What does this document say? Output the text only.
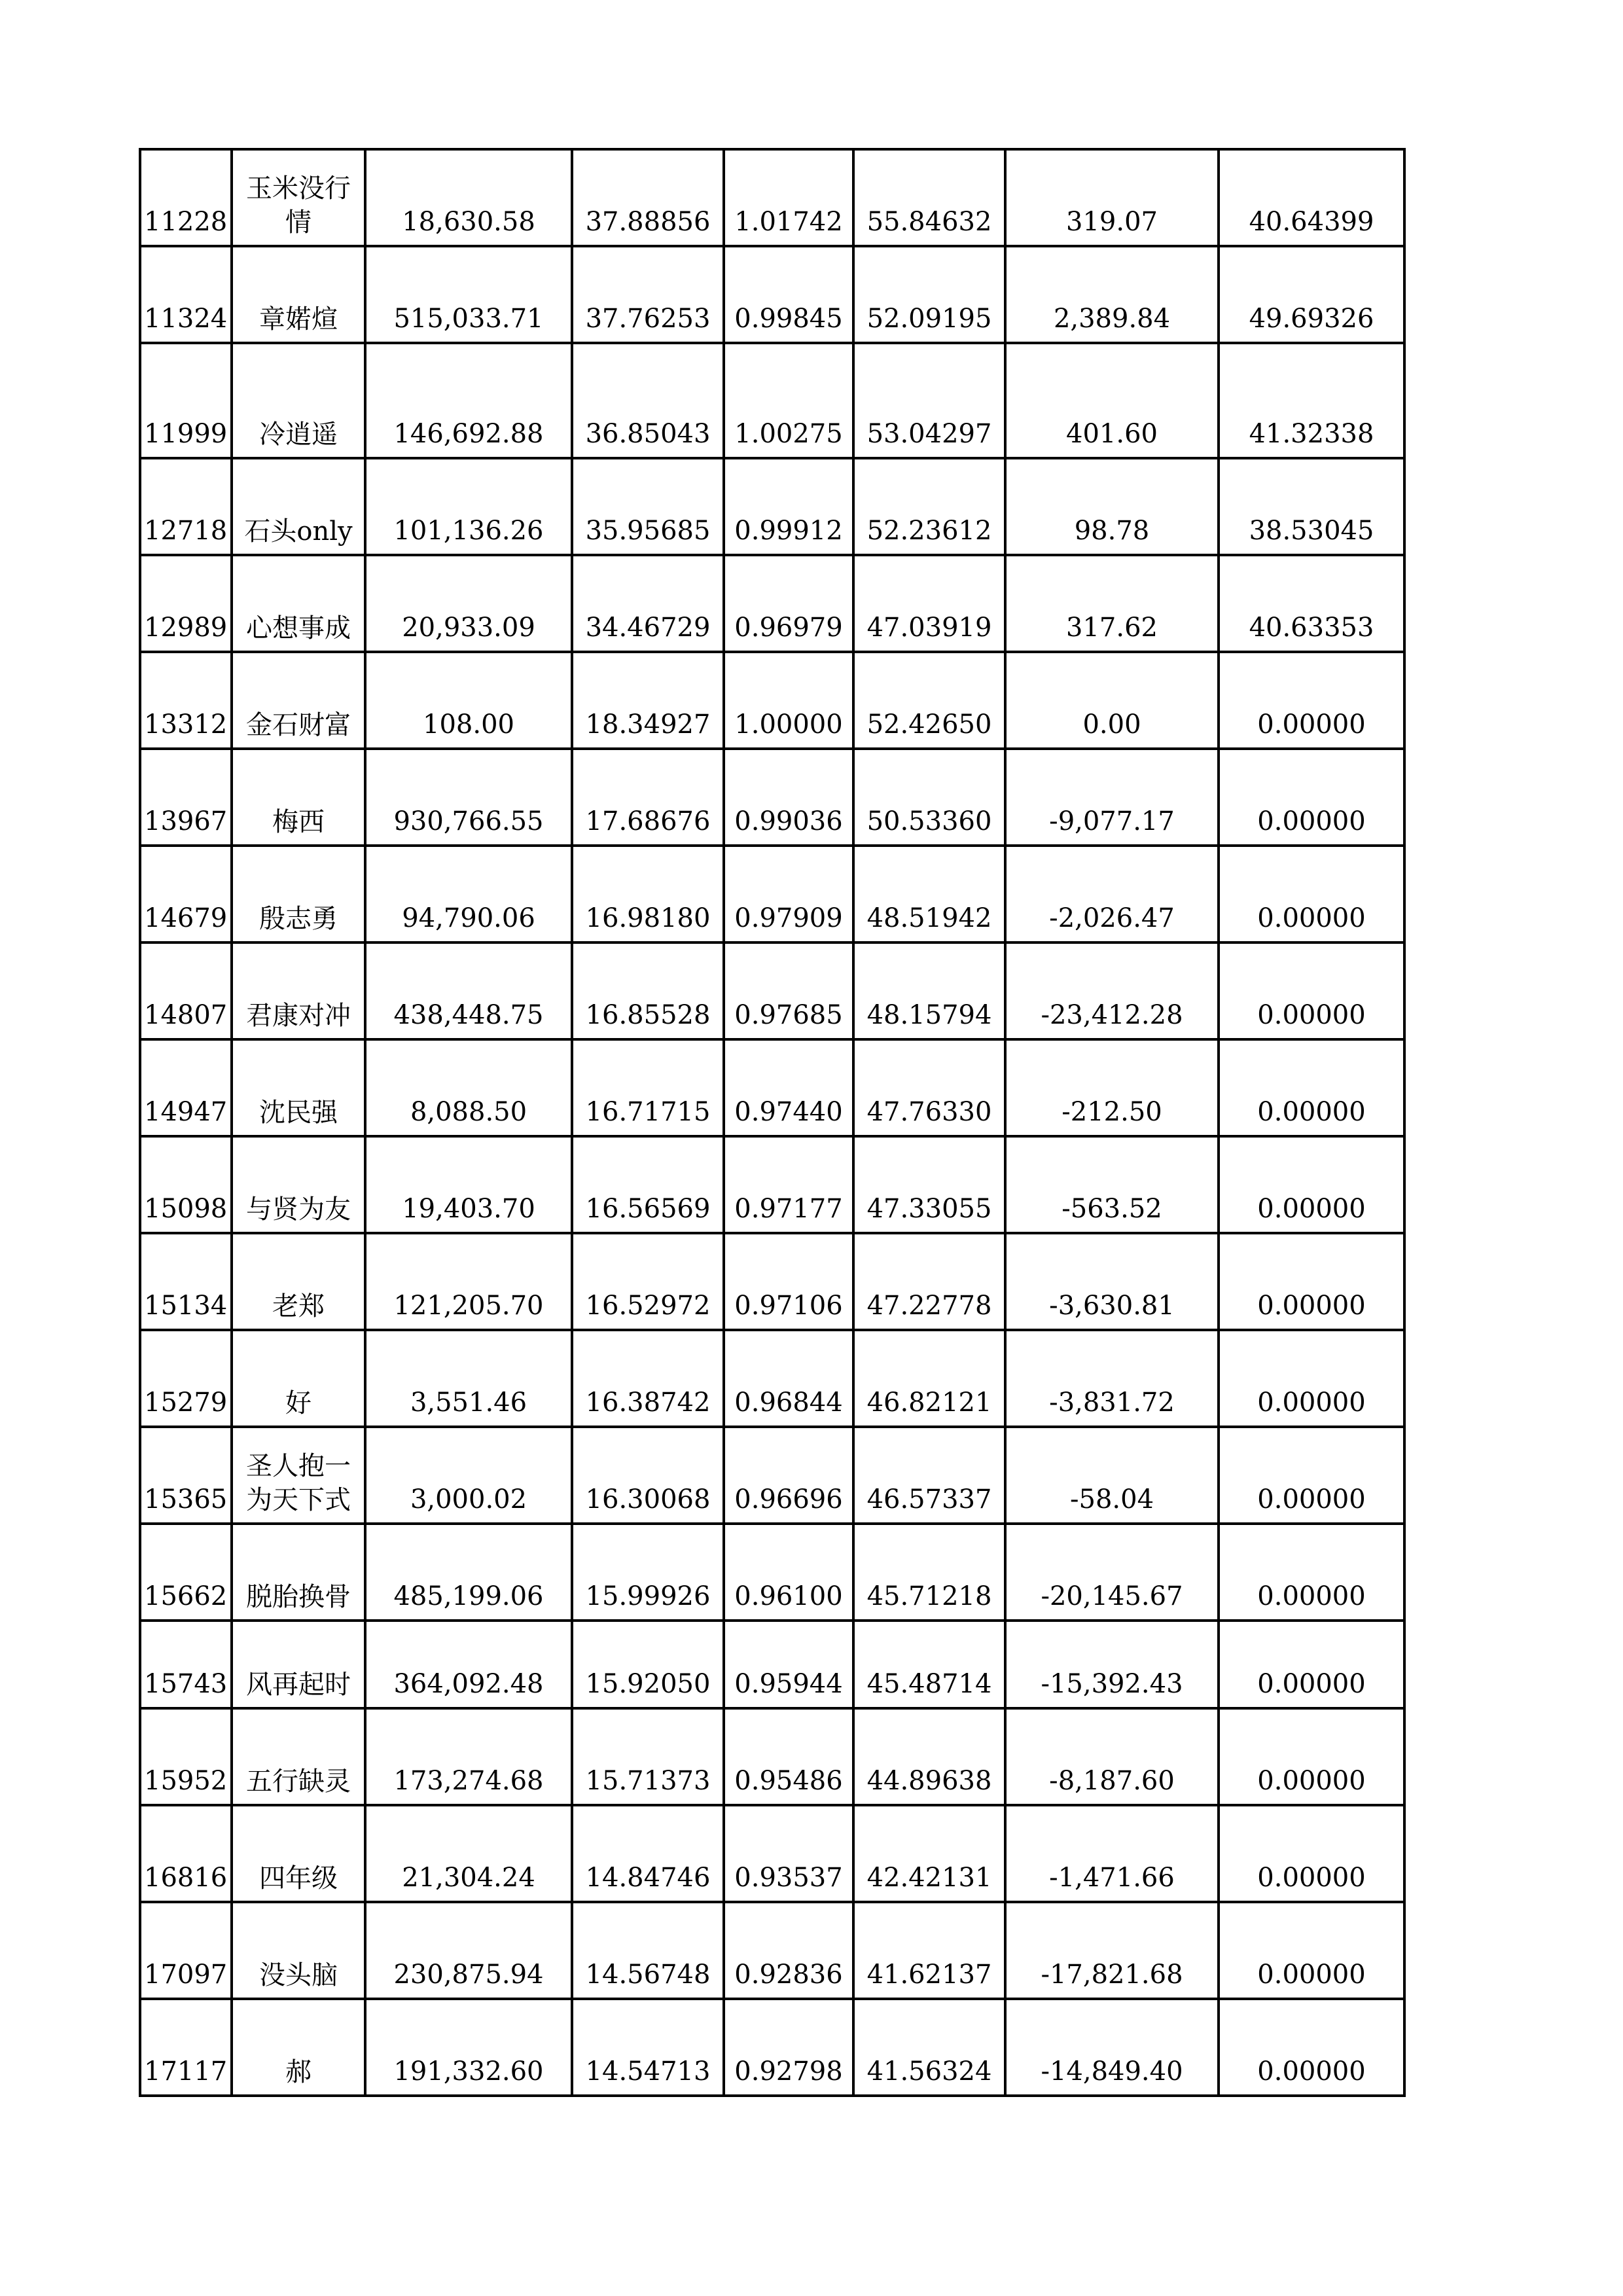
11228	玉米没行情	18,630.58	37.88856	1.01742	55.84632	319.07	40.64399
11324	章婼煊	515,033.71	37.76253	0.99845	52.09195	2,389.84	49.69326
11999	冷逍遥	146,692.88	36.85043	1.00275	53.04297	401.60	41.32338
12718	石头only	101,136.26	35.95685	0.99912	52.23612	98.78	38.53045
12989	心想事成	20,933.09	34.46729	0.96979	47.03919	317.62	40.63353
13312	金石财富	108.00	18.34927	1.00000	52.42650	0.00	0.00000
13967	梅西	930,766.55	17.68676	0.99036	50.53360	-9,077.17	0.00000
14679	殷志勇	94,790.06	16.98180	0.97909	48.51942	-2,026.47	0.00000
14807	君康对冲	438,448.75	16.85528	0.97685	48.15794	-23,412.28	0.00000
14947	沈民强	8,088.50	16.71715	0.97440	47.76330	-212.50	0.00000
15098	与贤为友	19,403.70	16.56569	0.97177	47.33055	-563.52	0.00000
15134	老郑	121,205.70	16.52972	0.97106	47.22778	-3,630.81	0.00000
15279	好	3,551.46	16.38742	0.96844	46.82121	-3,831.72	0.00000
15365	圣人抱一为天下式	3,000.02	16.30068	0.96696	46.57337	-58.04	0.00000
15662	脱胎换骨	485,199.06	15.99926	0.96100	45.71218	-20,145.67	0.00000
15743	风再起时	364,092.48	15.92050	0.95944	45.48714	-15,392.43	0.00000
15952	五行缺灵	173,274.68	15.71373	0.95486	44.89638	-8,187.60	0.00000
16816	四年级	21,304.24	14.84746	0.93537	42.42131	-1,471.66	0.00000
17097	没头脑	230,875.94	14.56748	0.92836	41.62137	-17,821.68	0.00000
17117	郝	191,332.60	14.54713	0.92798	41.56324	-14,849.40	0.00000
